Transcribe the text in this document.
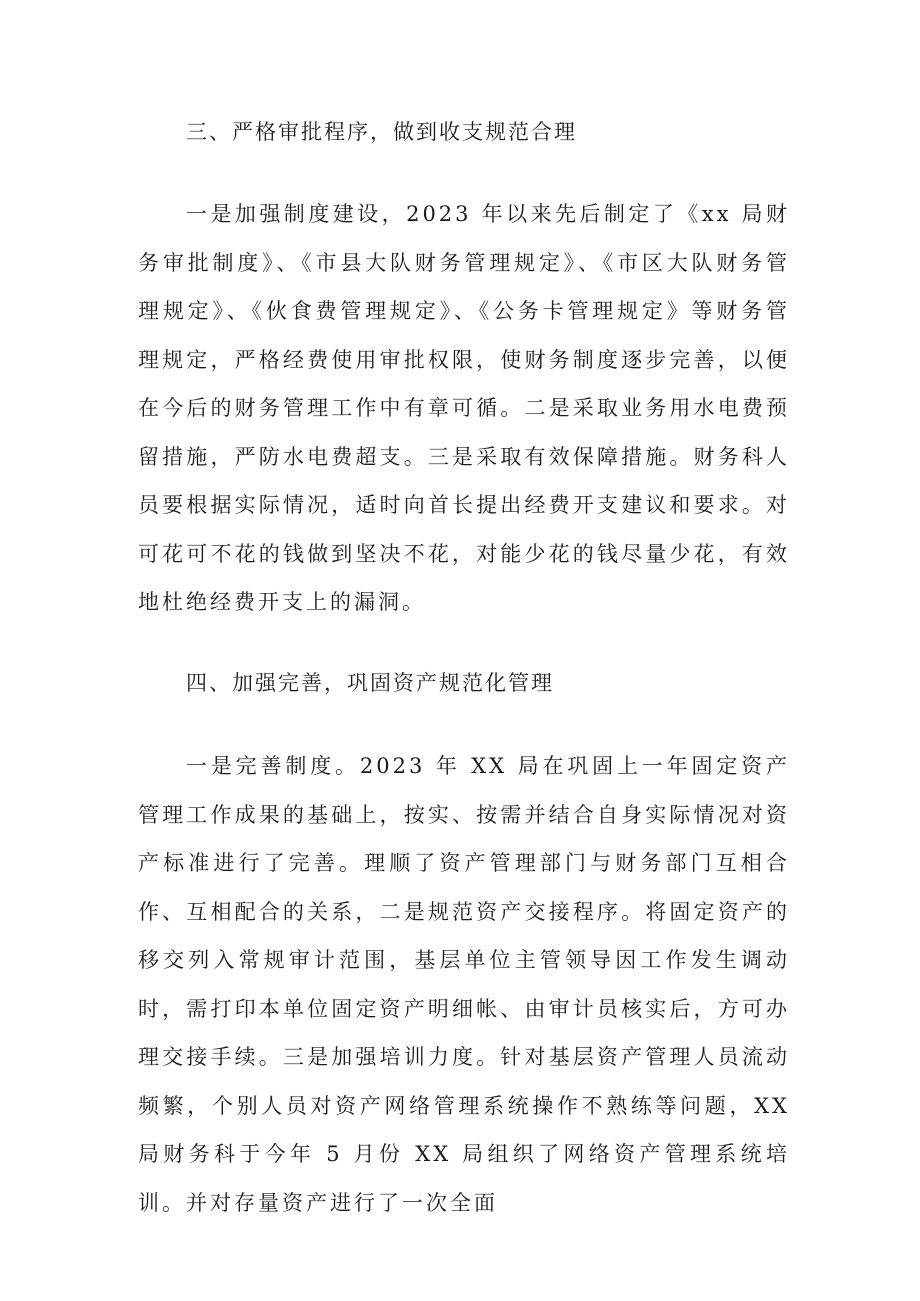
三、严格审批程序，做到收支规范合理

一是加强制度建设，2023 年以来先后制定了《xx 局财务审批制度》、《市县大队财务管理规定》、《市区大队财务管理规定》、《伙食费管理规定》、《公务卡管理规定》等财务管理规定，严格经费使用审批权限，使财务制度逐步完善，以便在今后的财务管理工作中有章可循。二是采取业务用水电费预留措施，严防水电费超支。三是采取有效保障措施。财务科人员要根据实际情况，适时向首长提出经费开支建议和要求。对可花可不花的钱做到坚决不花，对能少花的钱尽量少花，有效地杜绝经费开支上的漏洞。

四、加强完善，巩固资产规范化管理

一是完善制度。2023 年 XX 局在巩固上一年固定资产管理工作成果的基础上，按实、按需并结合自身实际情况对资产标准进行了完善。理顺了资产管理部门与财务部门互相合作、互相配合的关系，二是规范资产交接程序。将固定资产的移交列入常规审计范围，基层单位主管领导因工作发生调动时，需打印本单位固定资产明细帐、由审计员核实后，方可办理交接手续。三是加强培训力度。针对基层资产管理人员流动频繁，个别人员对资产网络管理系统操作不熟练等问题，XX 局财务科于今年 5 月份 XX 局组织了网络资产管理系统培训。并对存量资产进行了一次全面
